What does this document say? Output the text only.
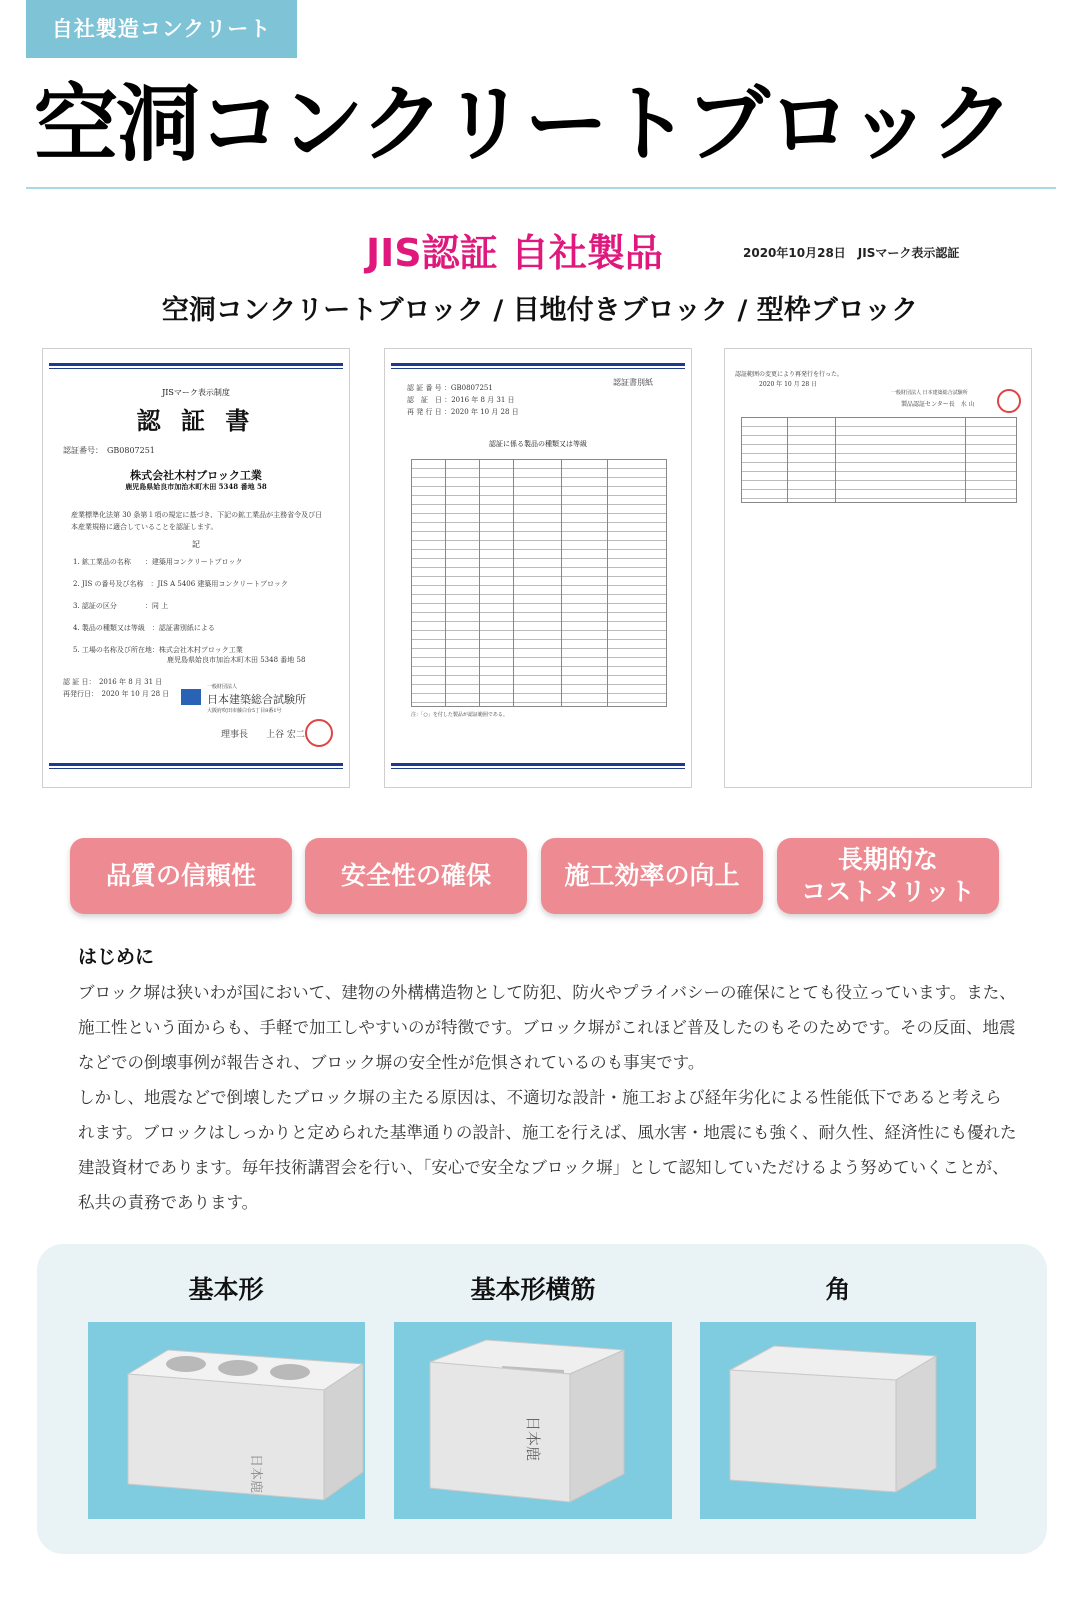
自社製造コンクリート
空洞コンクリートブロック
JIS認証 自社製品	2020年10月28日　JISマーク表示認証
空洞コンクリートブロック / 目地付きブロック / 型枠ブロック
JISマーク表示制度
認 証 書
認証番号：　GB0807251
株式会社木村ブロック工業
鹿児島県姶良市加治木町木田 5348 番地 58
産業標準化法第 30 条第１項の規定に基づき、下記の鉱工業品が主務省令及び日本産業規格に適合していることを認証します。
記
1. 鉱工業品の名称　　：建築用コンクリートブロック
2. JIS の番号及び名称　：JIS A 5406 建築用コンクリートブロック
3. 認証の区分　　　　：同 上
4. 製品の種類又は等級　：認証書別紙による
5. 工場の名称及び所在地：株式会社木村ブロック工業
鹿児島県姶良市加治木町木田 5348 番地 58
認 証 日：　2016 年 8 月 31 日
再発行日：　2020 年 10 月 28 日
一般財団法人
日本建築総合試験所
大阪府吹田市藤白台5丁目8番1号
理事長　　上谷 宏二
認証書別紙
認 証 番 号 ：GB0807251
認　証　日 ：2016 年 8 月 31 日
再 発 行 日 ：2020 年 10 月 28 日
認証に係る製品の種類又は等級
注：「○」を付した製品が認証範囲である。
認証範囲の変更により再発行を行った。
2020 年 10 月 28 日
一般財団法人 日本建築総合試験所
製品認証センター長　水 山
品質の信頼性	安全性の確保	施工効率の向上
長期的な
コストメリット
はじめに

ブロック塀は狭いわが国において、建物の外構構造物として防犯、防火やプライバシーの確保にとても役立っています。また、施工性という面からも、手軽で加工しやすいのが特徴です。ブロック塀がこれほど普及したのもそのためです。その反面、地震などでの倒壊事例が報告され、ブロック塀の安全性が危惧されているのも事実です。

しかし、地震などで倒壊したブロック塀の主たる原因は、不適切な設計・施工および経年劣化による性能低下であると考えられます。ブロックはしっかりと定められた基準通りの設計、施工を行えば、風水害・地震にも強く、耐久性、経済性にも優れた建設資材であります。毎年技術講習会を行い、「安心で安全なブロック塀」として認知していただけるよう努めていくことが、私共の責務であります。

基本形	基本形横筋	角
日本鹿
日本鹿
